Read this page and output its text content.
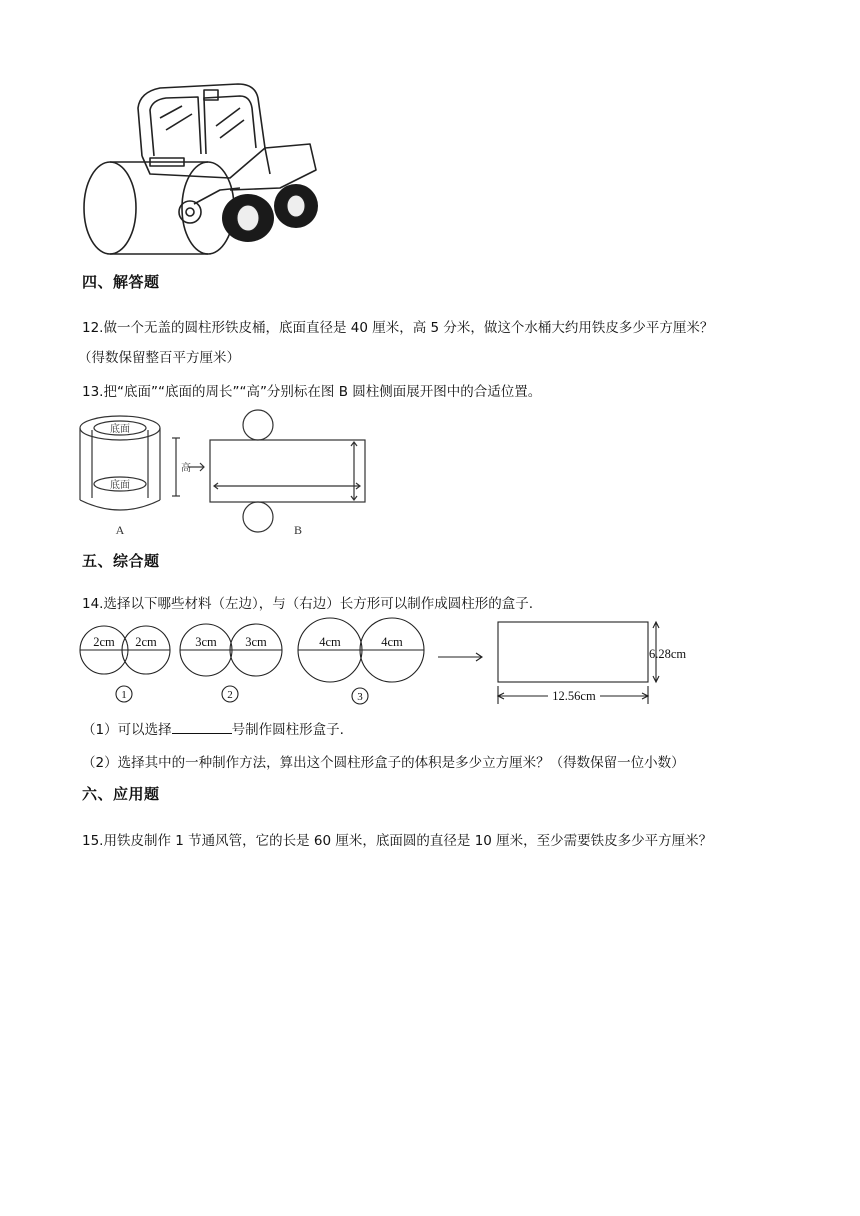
四、解答题
12.做一个无盖的圆柱形铁皮桶，底面直径是 40 厘米，高 5 分米，做这个水桶大约用铁皮多少平方厘米？
（得数保留整百平方厘米）
13.把“底面”“底面的周长”“高”分别标在图 B 圆柱侧面展开图中的合适位置。
底面
底面
高
A	B
五、综合题
14.选择以下哪些材料（左边），与（右边）长方形可以制作成圆柱形的盒子.
2cm 2cm
1
3cm 3cm
2
4cm	4cm
3
6.28cm
12.56cm
（1）可以选择	号制作圆柱形盒子.
（2）选择其中的一种制作方法，算出这个圆柱形盒子的体积是多少立方厘米？（得数保留一位小数）
六、应用题
15.用铁皮制作 1 节通风管，它的长是 60 厘米，底面圆的直径是 10 厘米，至少需要铁皮多少平方厘米？
